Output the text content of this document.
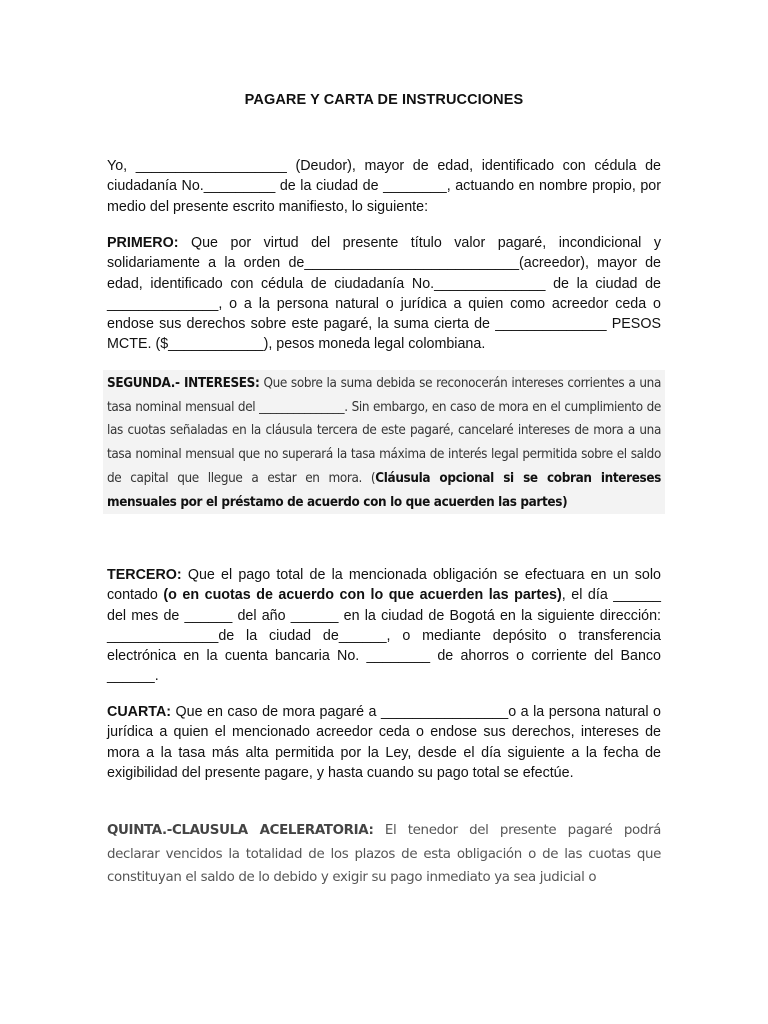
PAGARE Y CARTA DE INSTRUCCIONES
Yo, ___________________ (Deudor), mayor de edad, identificado con cédula de ciudadanía No._________ de la ciudad de ________, actuando en nombre propio, por medio del presente escrito manifiesto, lo siguiente:
PRIMERO: Que por virtud del presente título valor pagaré, incondicional y solidariamente a la orden de___________________________(acreedor), mayor de edad, identificado con cédula de ciudadanía No.______________ de la ciudad de ______________, o a la persona natural o jurídica a quien como acreedor ceda o endose sus derechos sobre este pagaré, la suma cierta de ______________ PESOS MCTE. ($____________), pesos moneda legal colombiana.
SEGUNDA.- INTERESES: Que sobre la suma debida se reconocerán intereses corrientes a una tasa nominal mensual del _______________. Sin embargo, en caso de mora en el cumplimiento de las cuotas señaladas en la cláusula tercera de este pagaré, cancelaré intereses de mora a una tasa nominal mensual que no superará la tasa máxima de interés legal permitida sobre el saldo de capital que llegue a estar en mora. (Cláusula opcional si se cobran intereses mensuales por el préstamo de acuerdo con lo que acuerden las partes)
TERCERO: Que el pago total de la mencionada obligación se efectuara en un solo contado (o en cuotas de acuerdo con lo que acuerden las partes), el día ______ del mes de ______ del año ______ en la ciudad de Bogotá en la siguiente dirección: ______________de la ciudad de______, o mediante depósito o transferencia electrónica en la cuenta bancaria No. ________ de ahorros o corriente del Banco ______.
CUARTA: Que en caso de mora pagaré a ________________o a la persona natural o jurídica a quien el mencionado acreedor ceda o endose sus derechos, intereses de mora a la tasa más alta permitida por la Ley, desde el día siguiente a la fecha de exigibilidad del presente pagare, y hasta cuando su pago total se efectúe.
QUINTA.-CLAUSULA ACELERATORIA: El tenedor del presente pagaré podrá declarar vencidos la totalidad de los plazos de esta obligación o de las cuotas que constituyan el saldo de lo debido y exigir su pago inmediato ya sea judicial o
